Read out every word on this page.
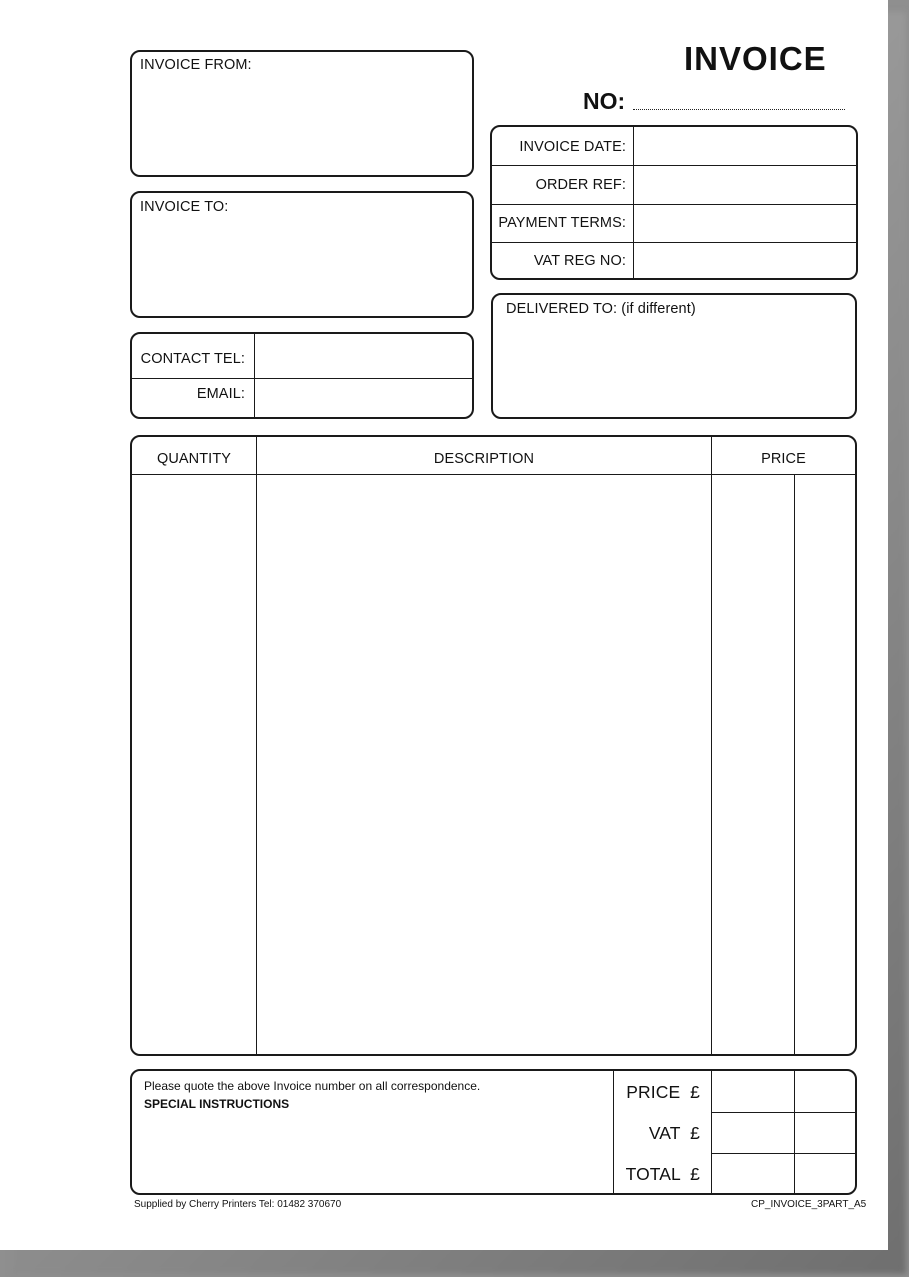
INVOICE
NO:
INVOICE FROM:
INVOICE TO:
CONTACT TEL:
EMAIL:
INVOICE DATE:
ORDER REF:
PAYMENT TERMS:
VAT REG NO:
DELIVERED TO: (if different)
QUANTITY	DESCRIPTION	PRICE
Please quote the above Invoice number on all correspondence.
SPECIAL INSTRUCTIONS
PRICE  £
VAT  £
TOTAL  £
Supplied by Cherry Printers Tel: 01482 370670	CP_INVOICE_3PART_A5
